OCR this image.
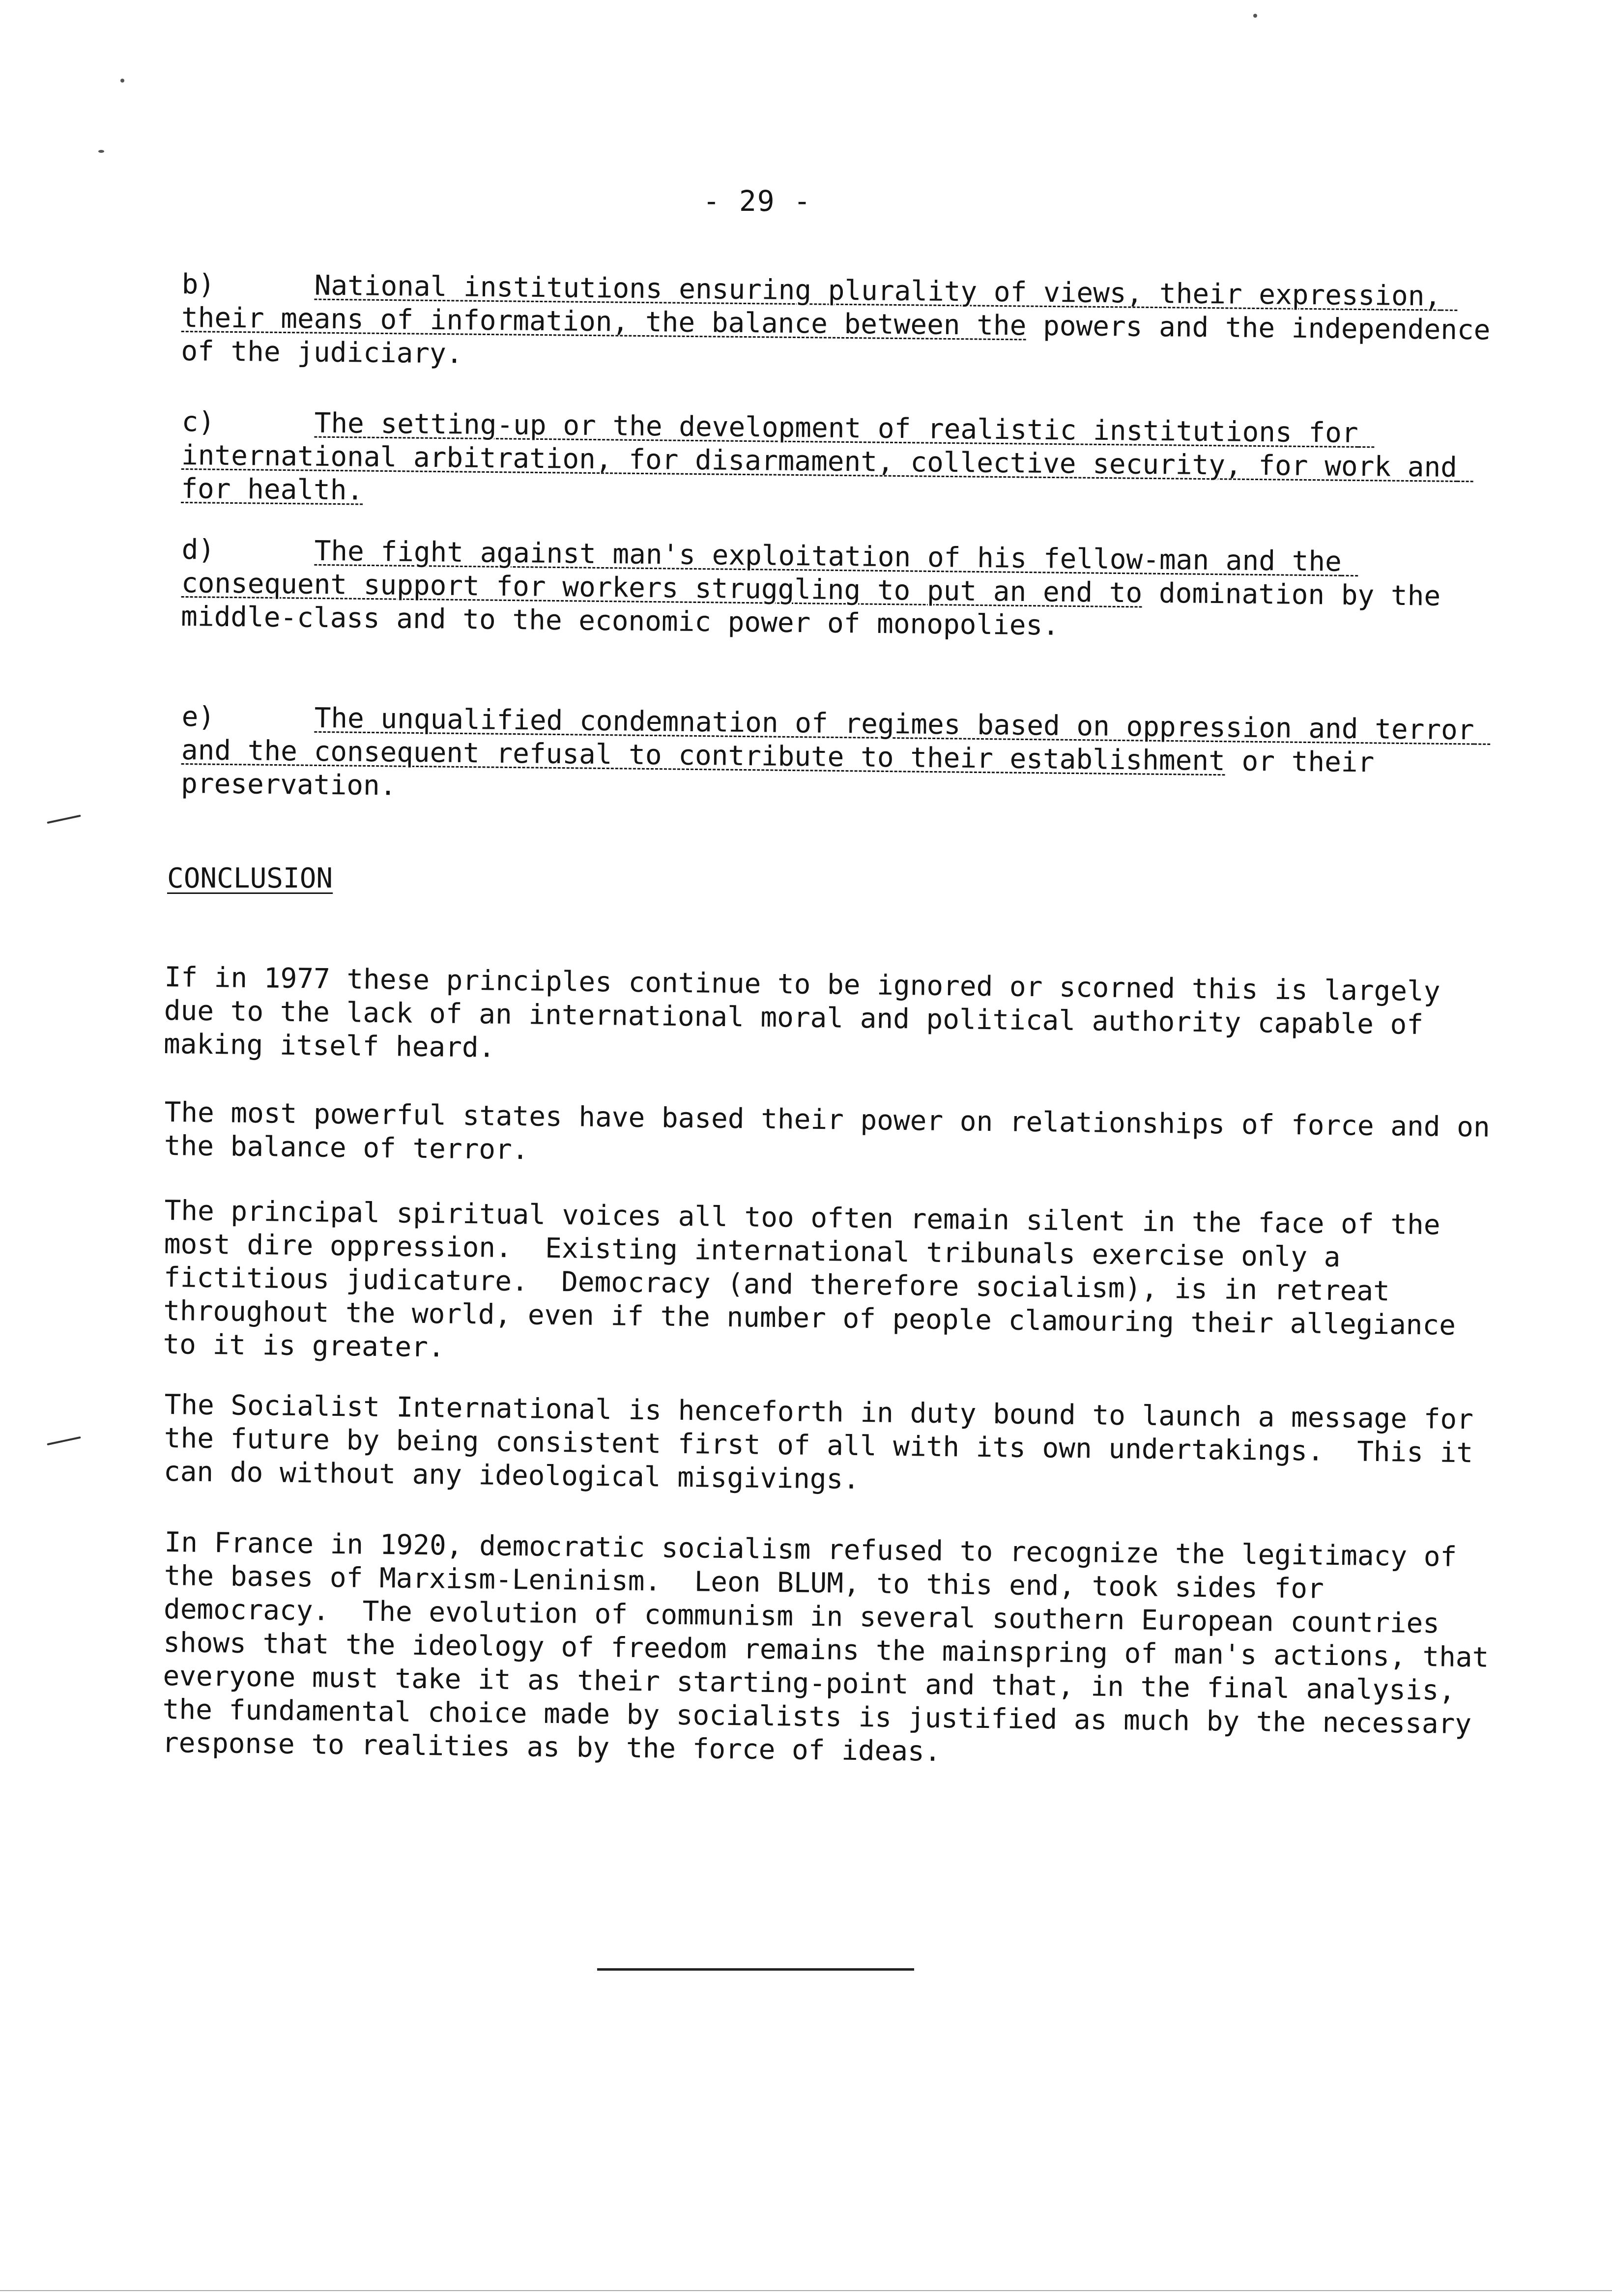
- 29 -
b)	National institutions ensuring plurality of views, their expression, their means of information, the balance between the powers and the independence of the judiciary.
c)	The setting-up or the development of realistic institutions for international arbitration, for disarmament, collective security, for work and for health.
d)	The fight against man's exploitation of his fellow-man and the consequent support for workers struggling to put an end to domination by the middle-class and to the economic power of monopolies.
e)	The unqualified condemnation of regimes based on oppression and terror and the consequent refusal to contribute to their establishment or their preservation.
CONCLUSION
If in 1977 these principles continue to be ignored or scorned this is largely due to the lack of an international moral and political authority capable of making itself heard.
The most powerful states have based their power on relationships of force and on the balance of terror.
The principal spiritual voices all too often remain silent in the face of the most dire oppression.  Existing international tribunals exercise only a fictitious judicature.  Democracy (and therefore socialism), is in retreat throughout the world, even if the number of people clamouring their allegiance to it is greater.
The Socialist International is henceforth in duty bound to launch a message for the future by being consistent first of all with its own undertakings.  This it can do without any ideological misgivings.
In France in 1920, democratic socialism refused to recognize the legitimacy of the bases of Marxism-Leninism.  Leon BLUM, to this end, took sides for democracy.  The evolution of communism in several southern European countries shows that the ideology of freedom remains the mainspring of man's actions, that everyone must take it as their starting-point and that, in the final analysis, the fundamental choice made by socialists is justified as much by the necessary response to realities as by the force of ideas.
